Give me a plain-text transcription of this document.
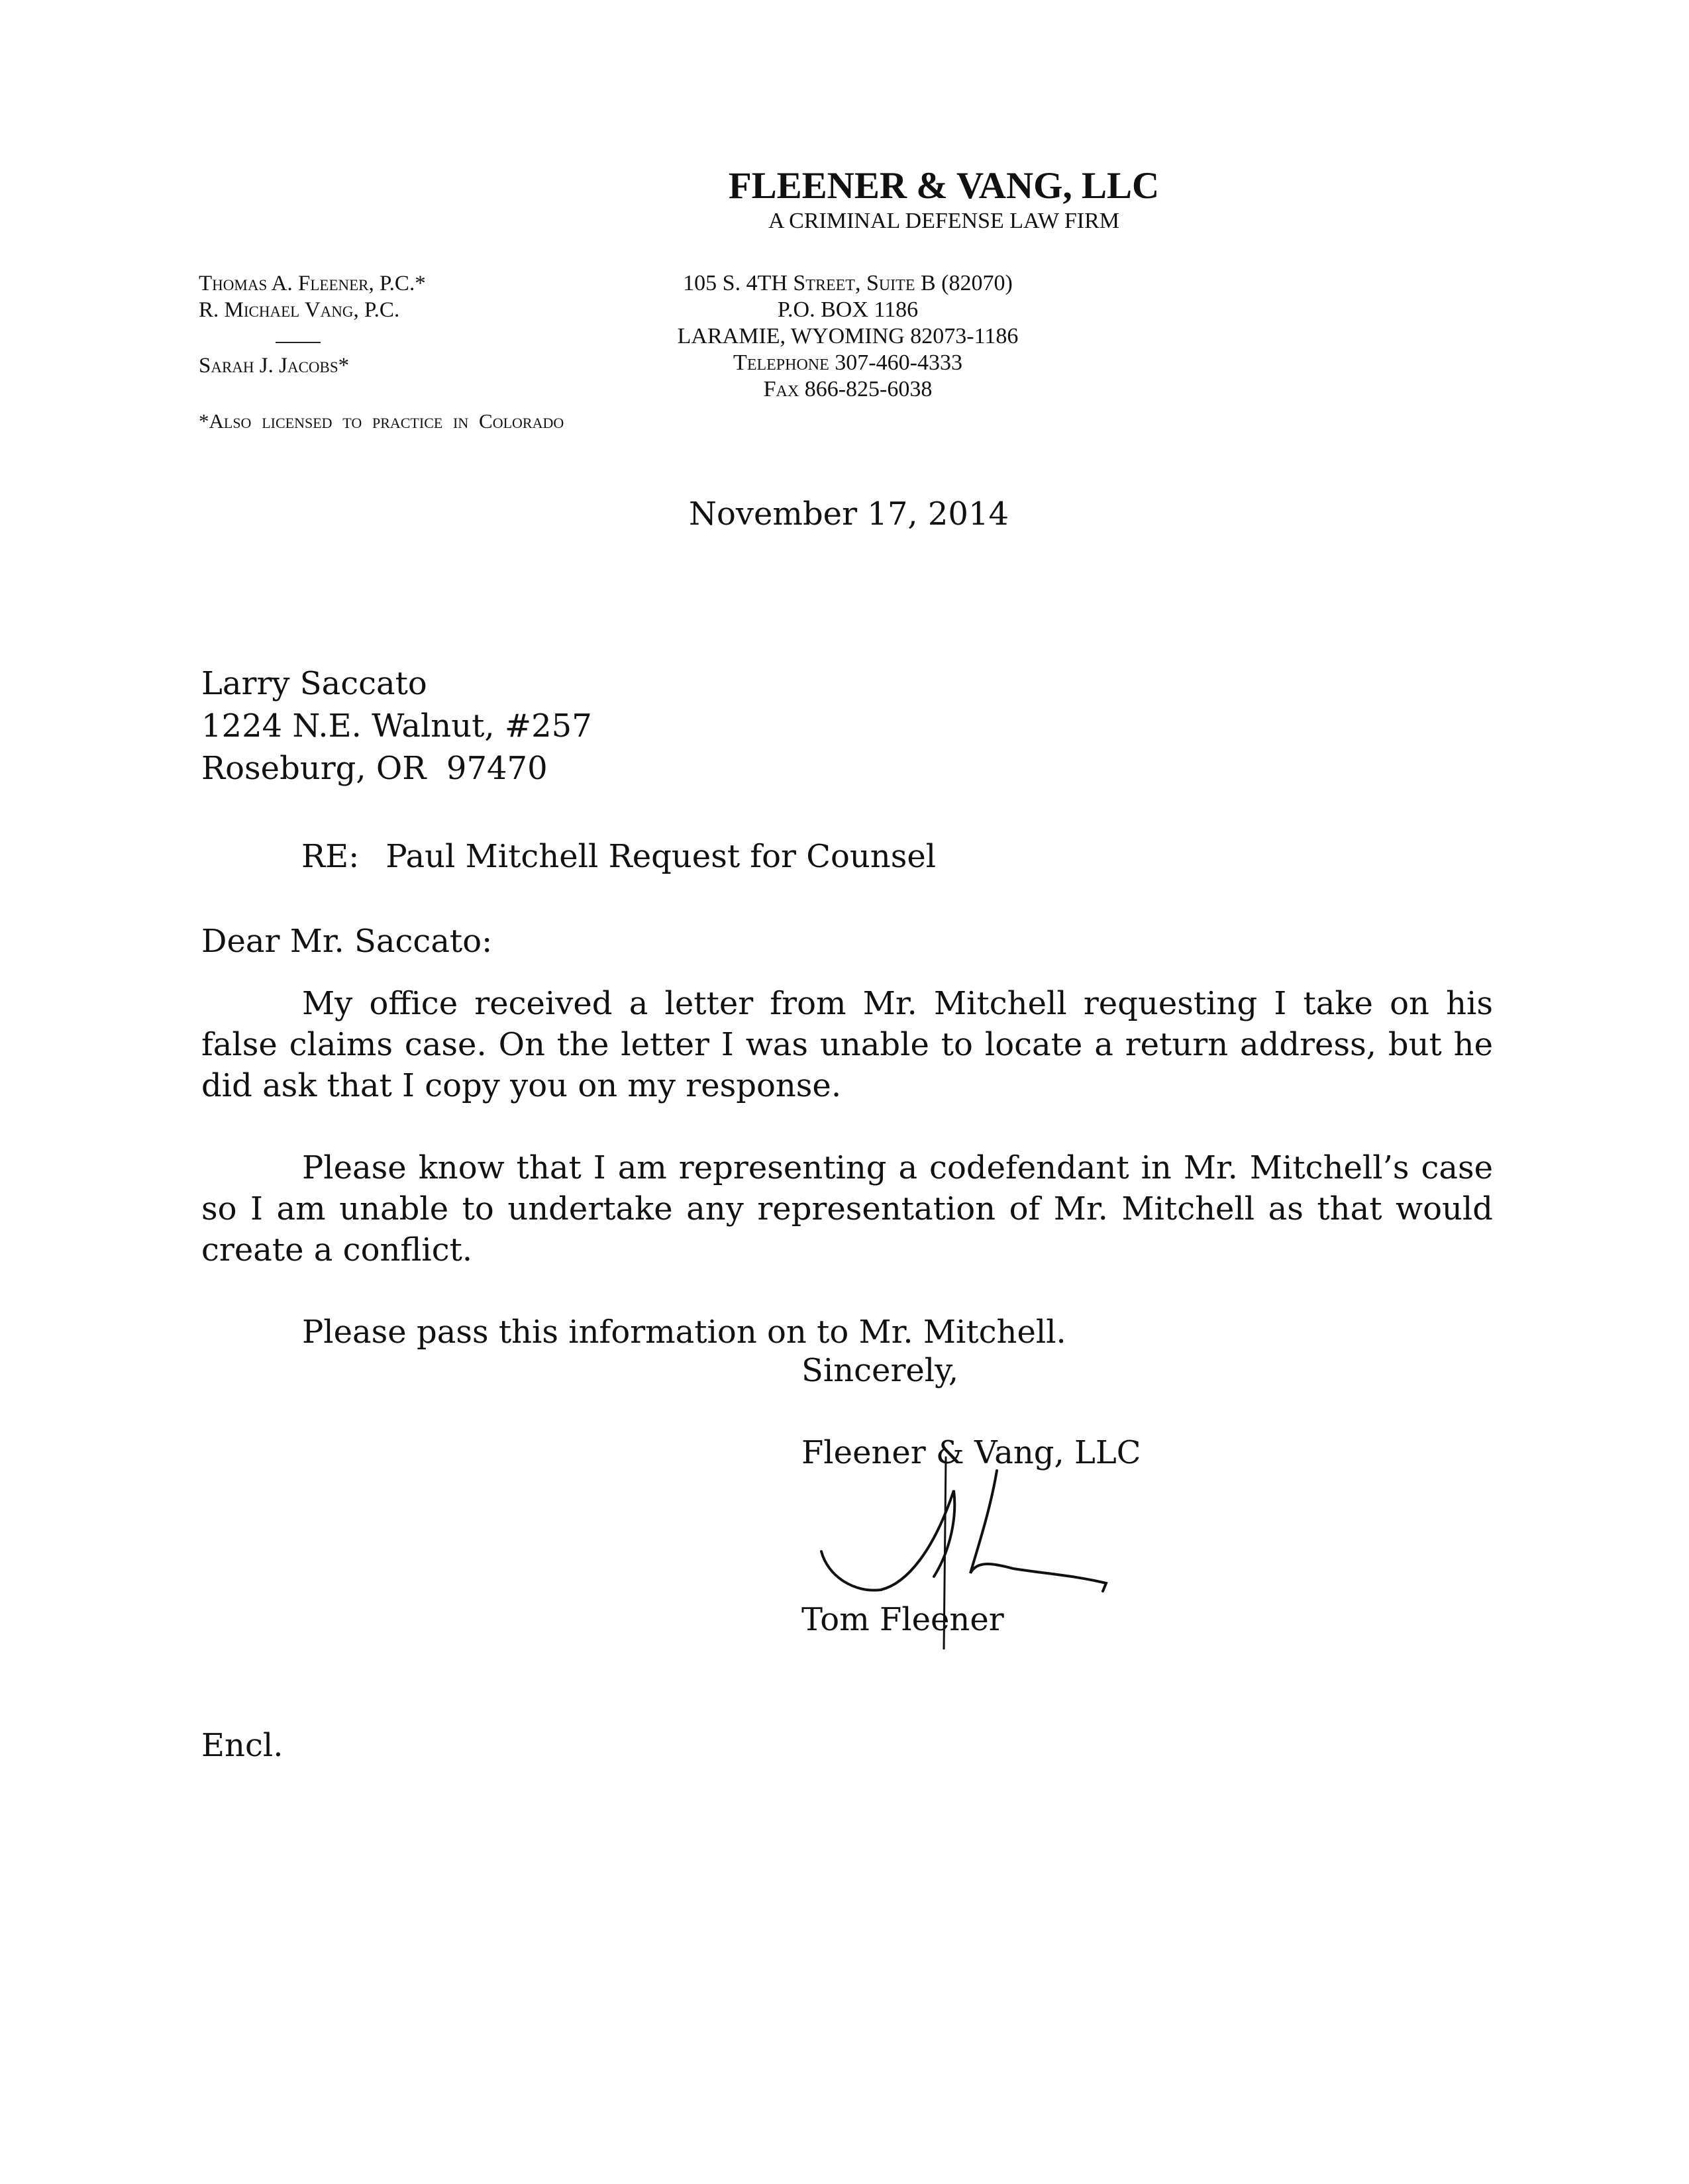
FLEENER & VANG, LLC
A CRIMINAL DEFENSE LAW FIRM
Thomas A. Fleener, P.C.*
R. Michael Vang, P.C.
Sarah J. Jacobs*
*Also licensed to practice in Colorado
105 S. 4TH Street, Suite B (82070)
P.O. BOX 1186
LARAMIE, WYOMING 82073-1186
Telephone 307-460-4333
Fax 866-825-6038
November 17, 2014
Larry Saccato
1224 N.E. Walnut, #257
Roseburg, OR  97470
RE: Paul Mitchell Request for Counsel
Dear Mr. Saccato:

My office received a letter from Mr. Mitchell requesting I take on his false claims case. On the letter I was unable to locate a return address, but he did ask that I copy you on my response.

Please know that I am representing a codefendant in Mr. Mitchell’s case so I am unable to undertake any representation of Mr. Mitchell as that would create a conflict.

Please pass this information on to Mr. Mitchell.

Sincerely,
Fleener & Vang, LLC
Tom Fleener
Encl.
